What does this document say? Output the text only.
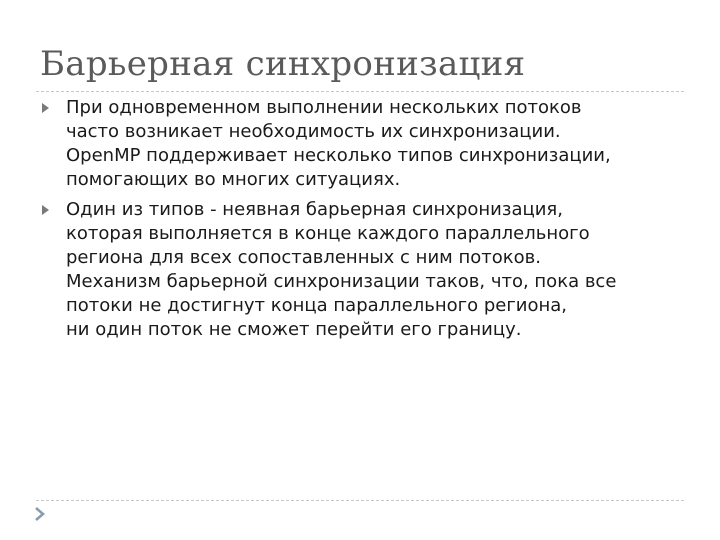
Барьерная синхронизация
При одновременном выполнении нескольких потоков
часто возникает необходимость их синхронизации.
OpenMP поддерживает несколько типов синхронизации,
помогающих во многих ситуациях.
Один из типов - неявная барьерная синхронизация,
которая выполняется в конце каждого параллельного
региона для всех сопоставленных с ним потоков.
Механизм барьерной синхронизации таков, что, пока все
потоки не достигнут конца параллельного региона,
ни один поток не сможет перейти его границу.
